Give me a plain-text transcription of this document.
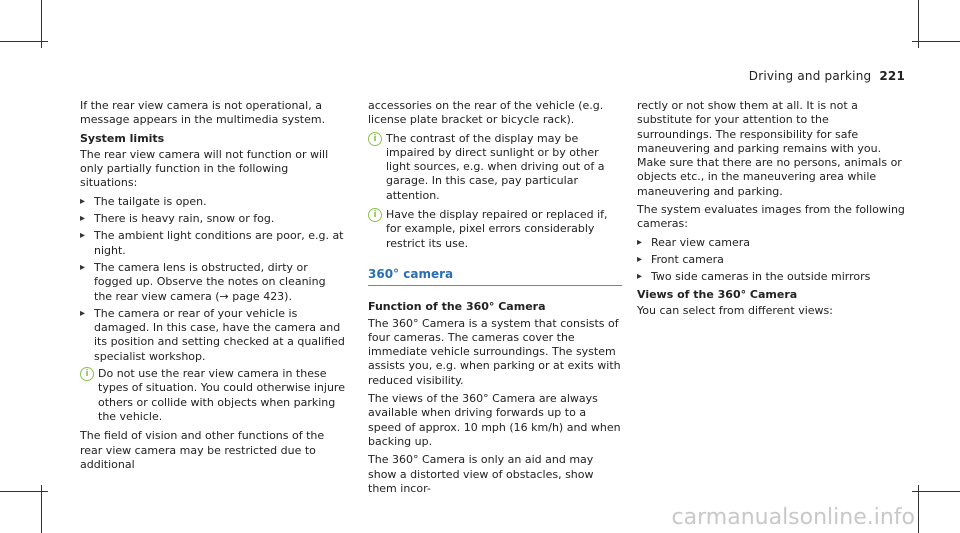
Driving and parking 221

If the rear view camera is not operational, a message appears in the multimedia system.

System limits

The rear view camera will not function or will only partially function in the following situations:

▸ The tailgate is open.
▸ There is heavy rain, snow or fog.
▸ The ambient light conditions are poor, e.g. at night.
▸ The camera lens is obstructed, dirty or fogged up. Observe the notes on cleaning the rear view camera (→ page 423).
▸ The camera or rear of your vehicle is damaged. In this case, have the camera and its position and setting checked at a qualified specialist workshop.
i Do not use the rear view camera in these types of situation. You could otherwise injure others or collide with objects when parking the vehicle.

The field of vision and other functions of the rear view camera may be restricted due to additional

accessories on the rear of the vehicle (e.g. license plate bracket or bicycle rack).

i The contrast of the display may be impaired by direct sunlight or by other light sources, e.g. when driving out of a garage. In this case, pay particular attention.
i Have the display repaired or replaced if, for example, pixel errors considerably restrict its use.
360° camera
Function of the 360° Camera

The 360° Camera is a system that consists of four cameras. The cameras cover the immediate vehicle surroundings. The system assists you, e.g. when parking or at exits with reduced visibility.

The views of the 360° Camera are always available when driving forwards up to a speed of approx. 10 mph (16 km/h) and when backing up.

The 360° Camera is only an aid and may show a distorted view of obstacles, show them incor-

rectly or not show them at all. It is not a substitute for your attention to the surroundings. The responsibility for safe maneuvering and parking remains with you. Make sure that there are no persons, animals or objects etc., in the maneuvering area while maneuvering and parking.

The system evaluates images from the following cameras:

▸ Rear view camera
▸ Front camera
▸ Two side cameras in the outside mirrors
Views of the 360° Camera

You can select from different views:

carmanualsonline.info
